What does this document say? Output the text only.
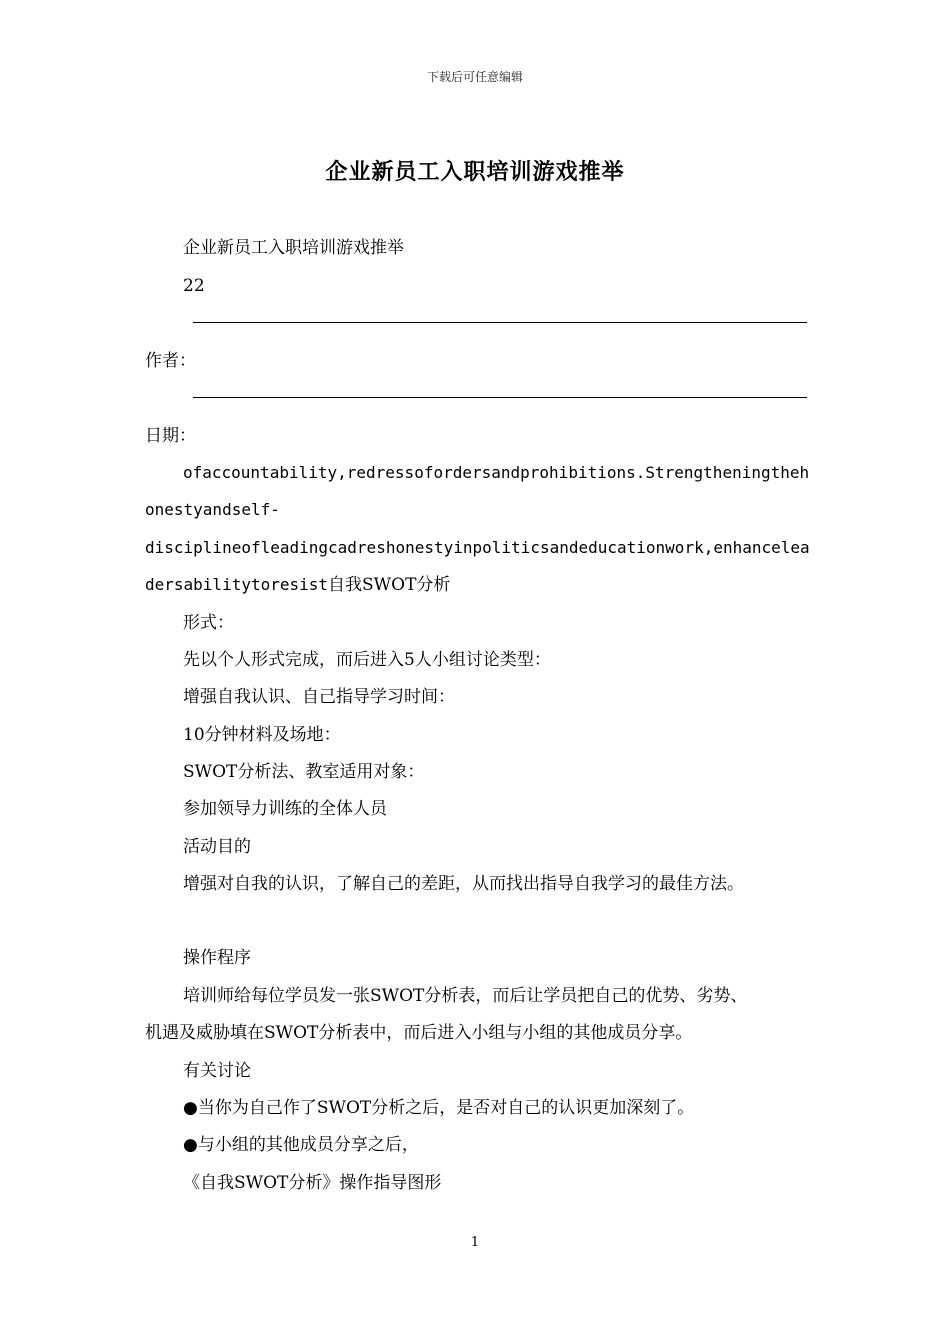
下载后可任意编辑
企业新员工入职培训游戏推举
企业新员工入职培训游戏推举
22
作者：
日期：
ofaccountability,redressofordersandprohibitions.Strengtheningtheh
onestyandself-
disciplineofleadingcadreshonestyinpoliticsandeducationwork,enhancelea
dersabilitytoresist自我SWOT分析
形式：
先以个人形式完成，而后进入5人小组讨论类型：
增强自我认识、自己指导学习时间：
10分钟材料及场地：
SWOT分析法、教室适用对象：
参加领导力训练的全体人员
活动目的
增强对自我的认识，了解自己的差距，从而找出指导自我学习的最佳方法。
操作程序
培训师给每位学员发一张SWOT分析表，而后让学员把自己的优势、劣势、
机遇及威胁填在SWOT分析表中，而后进入小组与小组的其他成员分享。
有关讨论
●当你为自己作了SWOT分析之后，是否对自己的认识更加深刻了。
●与小组的其他成员分享之后，
《自我SWOT分析》操作指导图形
1
